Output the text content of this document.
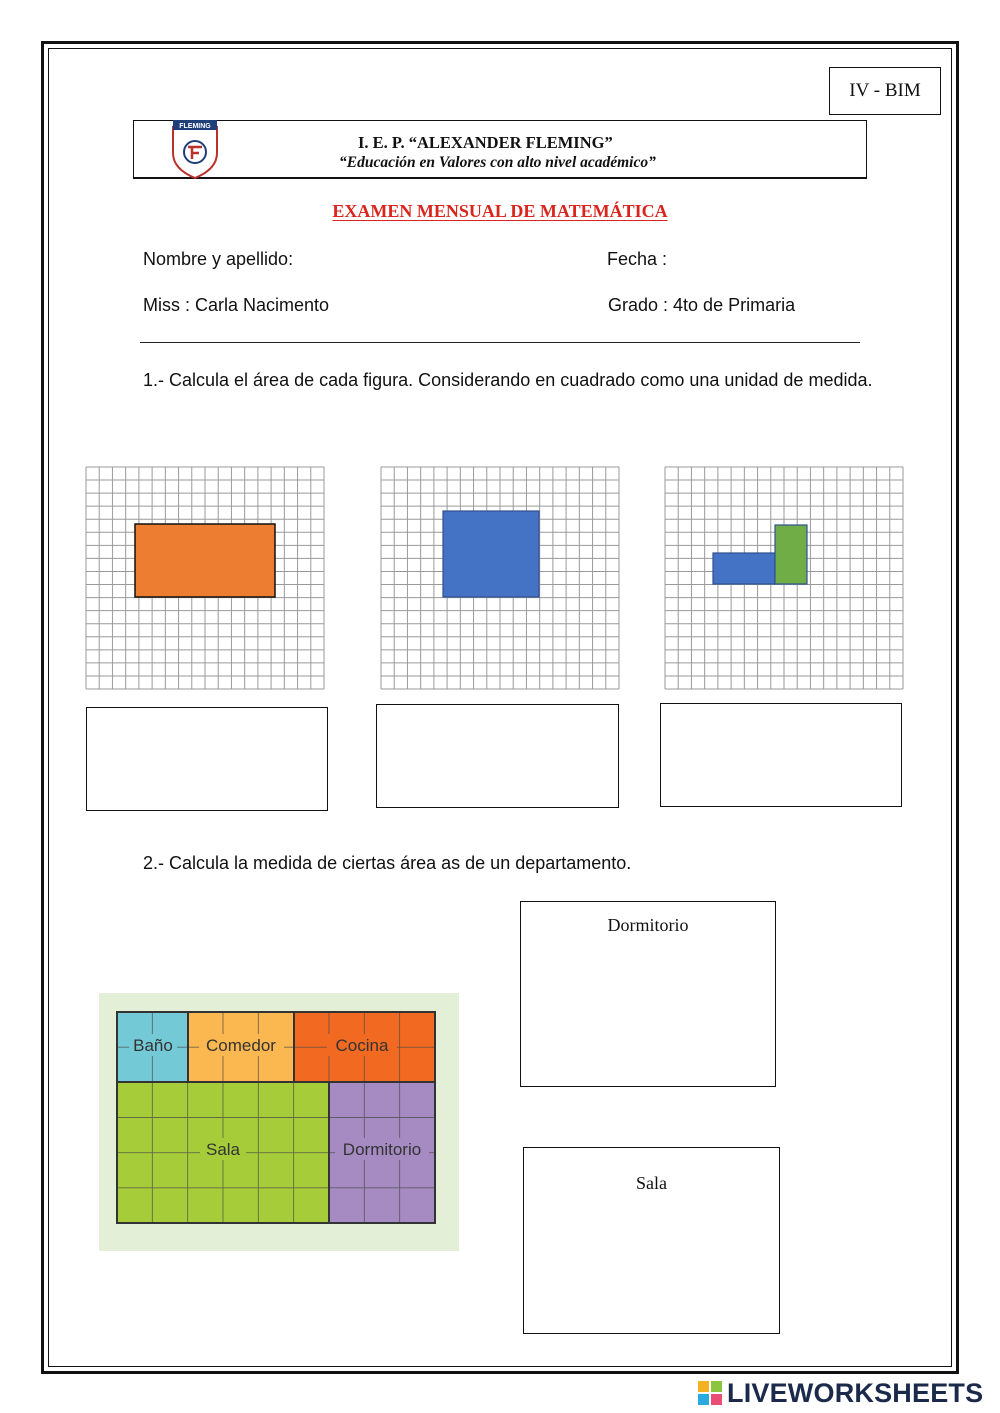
IV - BIM
FLEMING
I. E. P. “ALEXANDER FLEMING”
“Educación en Valores con alto nivel académico”
EXAMEN MENSUAL DE MATEMÁTICA
Nombre y apellido:	Fecha :
Miss : Carla Nacimento	Grado : 4to de Primaria
1.- Calcula el área de cada figura. Considerando en cuadrado como una unidad de medida.
2.- Calcula la medida de ciertas área as de un departamento.
Dormitorio
Sala
Baño Comedor	Cocina
Sala	Dormitorio
LIVEWORKSHEETS
